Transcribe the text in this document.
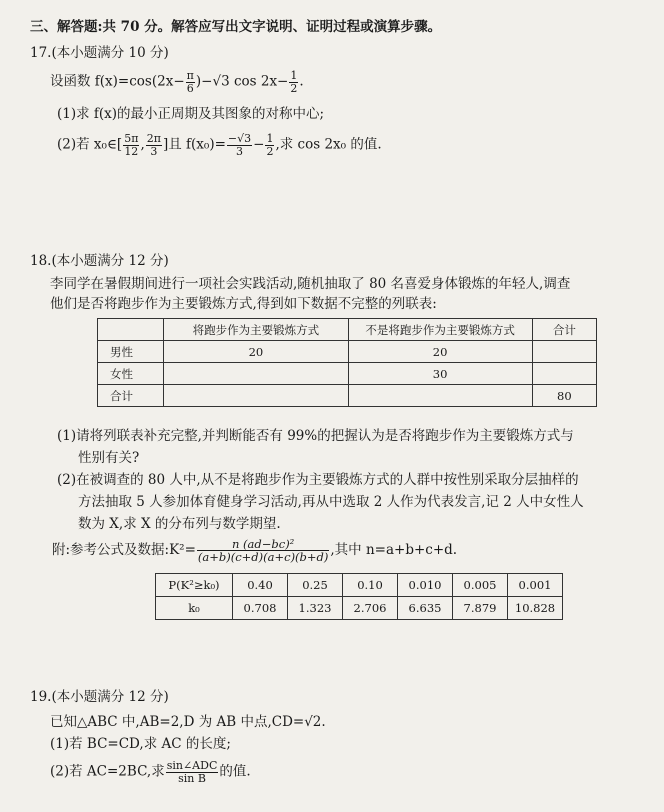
三、解答题:共 70 分。解答应写出文字说明、证明过程或演算步骤。
17.(本小题满分 10 分)
设函数 $f(x)=\cos(2x- \frac{\pi}{6} )-√3$ $\cos 2x- \frac{1}{2}$ .
(1)求 f(x)的最小正周期及其图象的对称中心;
(2)若 x₀∈[ $\frac{5\pi}{12}$ , $\frac{2\pi}{3}$ ]且 $f(x_0)= \frac{-√3}{3} - \frac{1}{2}$ ,求 cos 2x₀ 的值.
18.(本小题满分 12 分)
李同学在暑假期间进行一项社会实践活动,随机抽取了 80 名喜爱身体锻炼的年轻人,调查
他们是否将跑步作为主要锻炼方式,得到如下数据不完整的列联表:
	将跑步作为主要锻炼方式	不是将跑步作为主要锻炼方式	合计
男性	20	20	
女性		30	
合计			80
(1)请将列联表补充完整,并判断能否有 99%的把握认为是否将跑步作为主要锻炼方式与
性别有关?
(2)在被调查的 80 人中,从不是将跑步作为主要锻炼方式的人群中按性别采取分层抽样的
方法抽取 5 人参加体育健身学习活动,再从中选取 2 人作为代表发言,记 2 人中女性人
数为 X,求 X 的分布列与数学期望.
附:参考公式及数据:K²= $\frac{\text{n (ad−bc)²}}{(a+b)(c+d)(a+c)(b+d)}$ ,其中 n=a+b+c+d.
P(K²≥k₀)	0.40	0.25	0.10	0.010	0.005	0.001
k₀	0.708	1.323	2.706	6.635	7.879	10.828
19.(本小题满分 12 分)
已知△ABC 中,AB=2,D 为 AB 中点,CD=√2.
(1)若 BC=CD,求 AC 的长度;
(2)若 AC=2BC,求 $\frac{\text{sin∠ADC}}{\text{sin B}}$ 的值.
